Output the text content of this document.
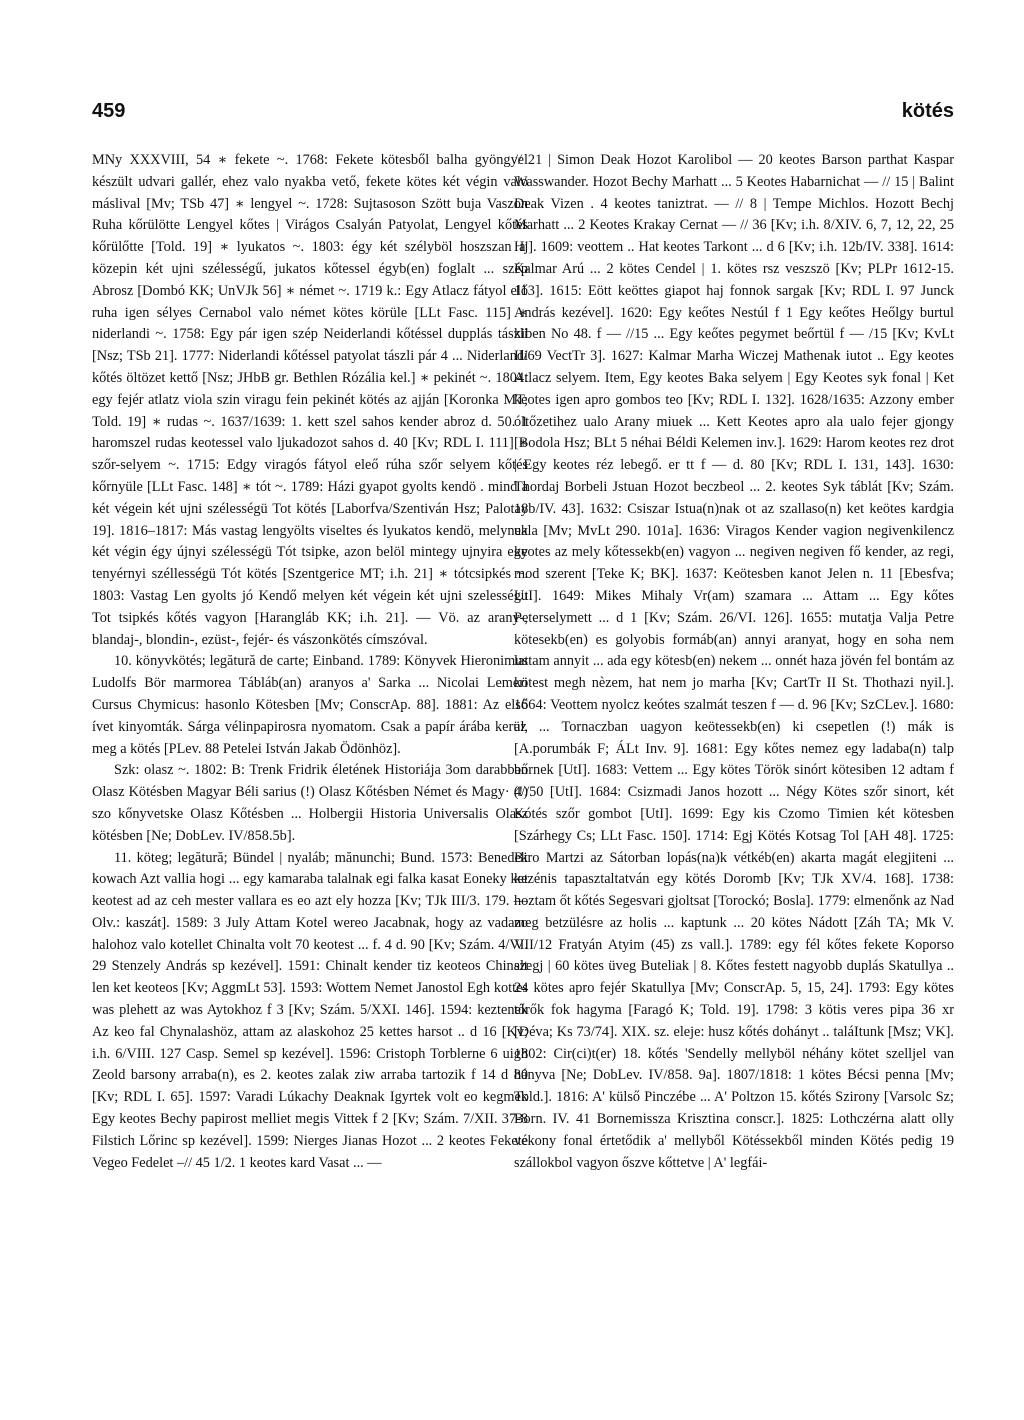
459	kötés

MNy XXXVIII, 54 ∗ fekete ~. 1768: Fekete kötesből balha gyöngyel készült udvari gallér, ehez valo nyakba vető, fekete kötes két végin valo máslival [Mv; TSb 47] ∗ lengyel ~. 1728: Sujtasoson Szött buja Vaszon Ruha kőrülötte Lengyel kőtes | Virágos Csalyán Patyolat, Lengyel kőtés kőrülőtte [Told. 19] ∗ lyukatos ~. 1803: égy két szélyböl hoszszan a' közepin két ujni szélességű, jukatos kőtessel égyb(en) foglalt ... szép Abrosz [Dombó KK; UnVJk 56] ∗ német ~. 1719 k.: Egy Atlacz fátyol elő ruha igen sélyes Cernabol valo német kötes körüle [LLt Fasc. 115] ∗ niderlandi ~. 1758: Egy pár igen szép Neiderlandi kőtéssel dupplás tászli [Nsz; TSb 21]. 1777: Niderlandi kőtéssel patyolat tászli pár 4 ... Niderlandi kőtés öltözet kettő [Nsz; JHbB gr. Bethlen Rózália kel.] ∗ pekinét ~. 1804: egy fejér atlatz viola szin viragu fein pekinét kötés az ajján [Koronka MT; Told. 19] ∗ rudas ~. 1637/1639: 1. kett szel sahos kender abroz d. 50. 1 haromszel rudas keotessel valo ljukadozot sahos d. 40 [Kv; RDL I. 111] ∗ szőr-selyem ~. 1715: Edgy viragós fátyol eleő rúha szőr selyem kőtés kőrnyüle [LLt Fasc. 148] ∗ tót ~. 1789: Házi gyapot gyolts kendö . mind a két végein két ujni szélességü Tot kötés [Laborfva/Szentiván Hsz; Palotay 19]. 1816–1817: Más vastag lengyölts viseltes és lyukatos kendö, melynek két végin égy újnyi szélességü Tót tsipke, azon belöl mintegy ujnyira egy tenyérnyi széllességü Tót kötés [Szentgerice MT; i.h. 21] ∗ tótcsipkés ~. 1803: Vastag Len gyolts jó Kendő melyen két végein két ujni szelességu Tot tsipkés kőtés vagyon [Harangláb KK; i.h. 21]. — Vö. az arany-, blandaj-, blondin-, ezüst-, fejér- és vászonkötés címszóval.

10. könyvkötés; legătură de carte; Einband. 1789: Könyvek Hieronimus Ludolfs Bör marmorea Tábláb(an) aranyos a' Sarka ... Nicolai Lemeri Cursus Chymicus: hasonlo Kötesben [Mv; ConscrAp. 88]. 1881: Az első ívet kinyomták. Sárga vélinpapirosra nyomatom. Csak a papír árába kerül, meg a kötés [PLev. 88 Petelei István Jakab Ödönhöz].

Szk: olasz ~. 1802: B: Trenk Fridrik életének Historiája 3om darabban Olasz Kötésben Magyar Béli sarius (!) Olasz Kőtésben Német és Magy· (!) szo kőnyvetske Olasz Kőtésben ... Holbergii Historia Universalis Olasz kötésben [Ne; DobLev. IV/858.5b].

11. köteg; legătură; Bündel | nyaláb; mănunchi; Bund. 1573: Benedek kowach Azt vallia hogi ... egy kamaraba talalnak egi falka kasat Eoneky ket keotest ad az ceh mester vallara es eo azt ely hozza [Kv; TJk III/3. 179. — Olv.: kaszát]. 1589: 3 July Attam Kotel wereo Jacabnak, hogy az vadazo halohoz valo kotellet Chinalta volt 70 keotest ... f. 4 d. 90 [Kv; Szám. 4/VI. 29 Stenzely András sp kezével]. 1591: Chinalt kender tiz keoteos Chinalt len ket keoteos [Kv; AggmLt 53]. 1593: Wottem Nemet Janostol Egh kottes was plehett az was Aytokhoz f 3 [Kv; Szám. 5/XXI. 146]. 1594: keztenek Az keo fal Chynalashöz, attam az alaskohoz 25 kettes harsot .. d 16 [Kv; i.h. 6/VIII. 127 Casp. Semel sp kezével]. 1596: Cristoph Torblerne 6 uigh Zeold barsony arraba(n), es 2. keotes zalak ziw arraba tartozik f 14 d 80 [Kv; RDL I. 65]. 1597: Varadi Lúkachy Deaknak Igyrtek volt eo kegmek Egy keotes Bechy papirost melliet megis Vittek f 2 [Kv; Szám. 7/XII. 37-8 Filstich Lőrinc sp kezével]. 1599: Nierges Jianas Hozot ... 2 keotes Fekete Vegeo Fedelet –// 45 1/2. 1 keotes kard Vasat ... —

// 21 | Simon Deak Hozot Karolibol — 20 keotes Barson parthat Kaspar Wasswander. Hozot Bechy Marhatt ... 5 Keotes Habarnichat — // 15 | Balint Deak Vizen . 4 keotes taniztrat. — // 8 | Tempe Michlos. Hozott Bechj Marhatt ... 2 Keotes Krakay Cernat — // 36 [Kv; i.h. 8/XIV. 6, 7, 12, 22, 25 Hj]. 1609: veottem .. Hat keotes Tarkont ... d 6 [Kv; i.h. 12b/IV. 338]. 1614: Kalmar Arú ... 2 kötes Cendel | 1. kötes rsz veszszö [Kv; PLPr 1612-15. 113]. 1615: Eött keöttes giapot haj fonnok sargak [Kv; RDL I. 97 Junck András kezével]. 1620: Egy keőtes Nestúl f 1 Egy keőtes Heőlgy burtul kiben No 48. f — //15 ... Egy keőtes pegymet beőrtül f — /15 [Kv; KvLt II/69 VectTr 3]. 1627: Kalmar Marha Wiczej Mathenak iutot .. Egy keotes Atlacz selyem. Item, Egy keotes Baka selyem | Egy Keotes syk fonal | Ket keotes igen apro gombos teo [Kv; RDL I. 132]. 1628/1635: Azzony ember óltőzetihez ualo Arany miuek ... Kett Keotes apro ala ualo fejer gjongy [Bodola Hsz; BLt 5 néhai Béldi Kelemen inv.]. 1629: Harom keotes rez drot | Egy keotes réz lebegő. er tt f — d. 80 [Kv; RDL I. 131, 143]. 1630: Thordaj Borbeli Jstuan Hozot beczbeol ... 2. keotes Syk táblát [Kv; Szám. 18b/IV. 43]. 1632: Csiszar Istua(n)nak ot az szallaso(n) ket keötes kardgia uala [Mv; MvLt 290. 101a]. 1636: Viragos Kender vagion negivenkilencz keotes az mely kőtessekb(en) vagyon ... negiven negiven fő kender, az regi, mod szerent [Teke K; BK]. 1637: Keötesben kanot Jelen n. 11 [Ebesfva; UtI]. 1649: Mikes Mihaly Vr(am) szamara ... Attam ... Egy kőtes Peterselymett ... d 1 [Kv; Szám. 26/VI. 126]. 1655: mutatja Valja Petre kötesekb(en) es golyobis formáb(an) annyi aranyat, hogy en soha nem lattam annyit ... ada egy kötesb(en) nekem ... onnét haza jövén fel bontám az kötest megh nèzem, hat nem jo marha [Kv; CartTr II St. Thothazi nyil.]. 1664: Veottem nyolcz keótes szalmát teszen f — d. 96 [Kv; SzCLev.]. 1680: az ... Tornaczban uagyon keötessekb(en) ki csepetlen (!) mák is [A.porumbák F; ÁLt Inv. 9]. 1681: Egy kőtes nemez egy ladaba(n) talp bőrnek [UtI]. 1683: Vettem ... Egy kötes Török sinórt kötesiben 12 adtam f 4//50 [UtI]. 1684: Csizmadi Janos hozott ... Négy Kötes szőr sinort, két Kótés szőr gombot [UtI]. 1699: Egy kis Czomo Timien két kötesben [Szárhegy Cs; LLt Fasc. 150]. 1714: Egj Kötés Kotsag Tol [AH 48]. 1725: Biro Martzi az Sátorban lopás(na)k vétkéb(en) akarta magát elegjiteni ... kezénis tapasztaltatván egy kötés Doromb [Kv; TJk XV/4. 168]. 1738: hoztam őt kőtés Segesvari gjoltsat [Torockó; Bosla]. 1779: elmenőnk az Nad meg betzülésre az holis ... kaptunk ... 20 kötes Nádott [Záh TA; Mk V. VII/12 Fratyán Atyim (45) zs vall.]. 1789: egy fél kőtes fekete Koporso szegj | 60 kötes üveg Buteliak | 8. Kőtes festett nagyobb duplás Skatullya .. 24 kötes apro fejér Skatullya [Mv; ConscrAp. 5, 15, 24]. 1793: Egy kötes tőrők fok hagyma [Faragó K; Told. 19]. 1798: 3 kötis veres pipa 36 xr [Déva; Ks 73/74]. XIX. sz. eleje: husz kőtés dohányt .. taláItunk [Msz; VK]. 1802: Cir(ci)t(er) 18. kőtés 'Sendelly mellyböl néhány kötet szelljel van hányva [Ne; DobLev. IV/858. 9a]. 1807/1818: 1 kötes Bécsi penna [Mv; Told.]. 1816: A' külső Pinczébe ... A' Poltzon 15. kőtés Szirony [Varsolc Sz; Born. IV. 41 Bornemissza Krisztina conscr.]. 1825: Lothczérna alatt olly vékony fonal értetődik a' mellyből Kötéssekből minden Kötés pedig 19 szállokbol vagyon őszve kőttetve | A' legfái-
